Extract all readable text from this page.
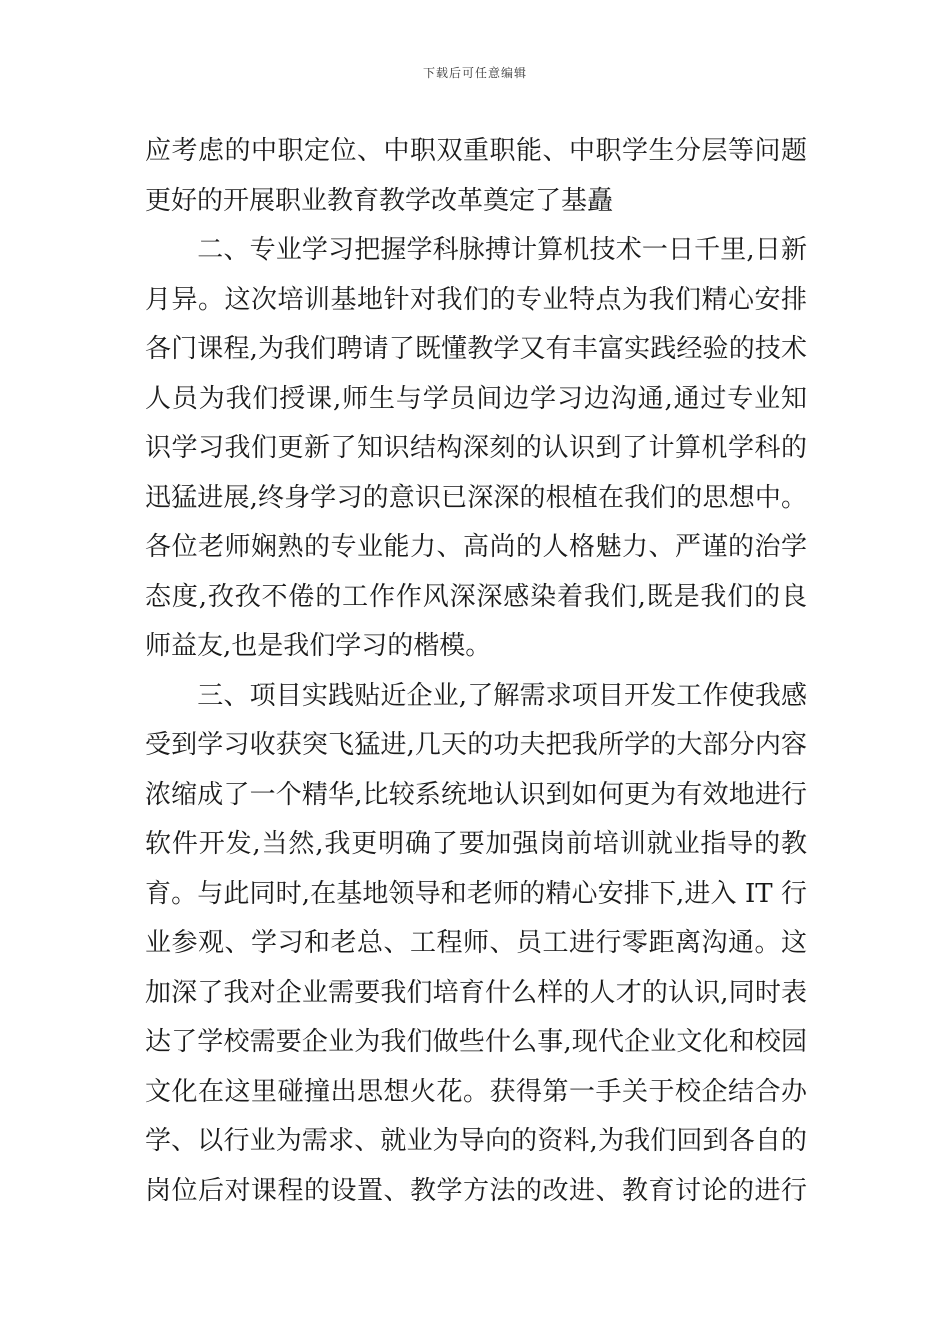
下载后可任意编辑
应考虑的中职定位、中职双重职能、中职学生分层等问题
更好的开展职业教育教学改革奠定了基矗
　　二、专业学习把握学科脉搏计算机技术一日千里,日新
月异。这次培训基地针对我们的专业特点为我们精心安排
各门课程,为我们聘请了既懂教学又有丰富实践经验的技术
人员为我们授课,师生与学员间边学习边沟通,通过专业知
识学习我们更新了知识结构深刻的认识到了计算机学科的
迅猛进展,终身学习的意识已深深的根植在我们的思想中。
各位老师娴熟的专业能力、高尚的人格魅力、严谨的治学
态度,孜孜不倦的工作作风深深感染着我们,既是我们的良
师益友,也是我们学习的楷模。
　　三、项目实践贴近企业,了解需求项目开发工作使我感
受到学习收获突飞猛进,几天的功夫把我所学的大部分内容
浓缩成了一个精华,比较系统地认识到如何更为有效地进行
软件开发,当然,我更明确了要加强岗前培训就业指导的教
育。与此同时,在基地领导和老师的精心安排下,进入 IT 行
业参观、学习和老总、工程师、员工进行零距离沟通。这
加深了我对企业需要我们培育什么样的人才的认识,同时表
达了学校需要企业为我们做些什么事,现代企业文化和校园
文化在这里碰撞出思想火花。获得第一手关于校企结合办
学、以行业为需求、就业为导向的资料,为我们回到各自的
岗位后对课程的设置、教学方法的改进、教育讨论的进行
